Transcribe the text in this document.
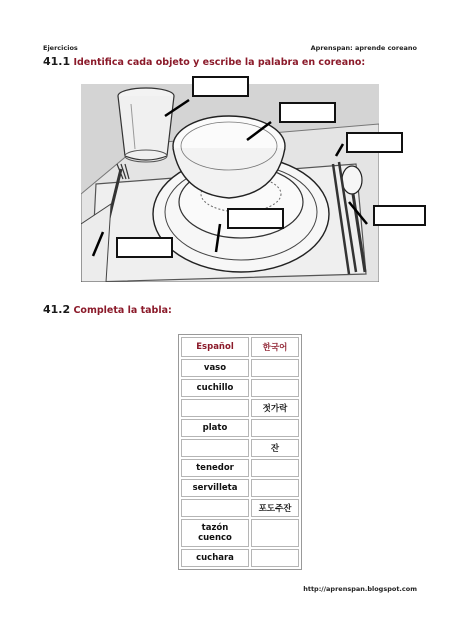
Ejercicios	Aprenspan: aprende coreano
41.1 Identifica cada objeto y escribe la palabra en coreano:
41.2 Completa la tabla:
Español	한국어
vaso	
cuchillo	
	젓가락
plato	
	잔
tenedor	
servilleta	
	포도주잔
tazón cuenco	
cuchara	
http://aprenspan.blogspot.com
